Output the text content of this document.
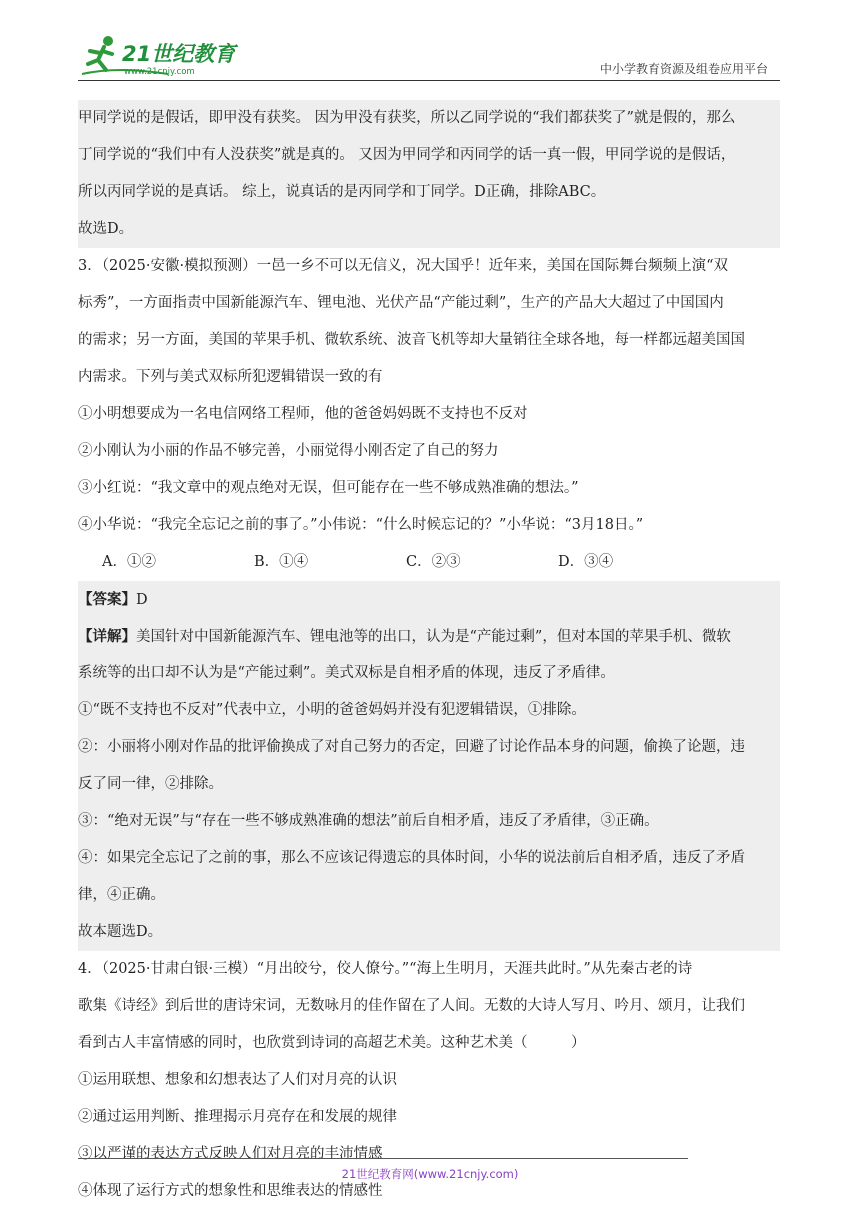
21世纪教育
www.21cnjy.com	中小学教育资源及组卷应用平台
甲同学说的是假话，即甲没有获奖。 因为甲没有获奖，所以乙同学说的“我们都获奖了”就是假的，那么
丁同学说的“我们中有人没获奖”就是真的。 又因为甲同学和丙同学的话一真一假，甲同学说的是假话，
所以丙同学说的是真话。 综上，说真话的是丙同学和丁同学。D正确，排除ABC。
故选D。
3．（2025·安徽·模拟预测）一邑一乡不可以无信义，况大国乎！近年来，美国在国际舞台频频上演“双
标秀”，一方面指责中国新能源汽车、锂电池、光伏产品“产能过剩”，生产的产品大大超过了中国国内
的需求；另一方面，美国的苹果手机、微软系统、波音飞机等却大量销往全球各地，每一样都远超美国国
内需求。下列与美式双标所犯逻辑错误一致的有
①小明想要成为一名电信网络工程师，他的爸爸妈妈既不支持也不反对
②小刚认为小丽的作品不够完善，小丽觉得小刚否定了自己的努力
③小红说：“我文章中的观点绝对无误，但可能存在一些不够成熟准确的想法。”
④小华说：“我完全忘记之前的事了。”小伟说：“什么时候忘记的？”小华说：“3月18日。”
A．①②	B．①④	C．②③	D．③④
【答案】D
【详解】美国针对中国新能源汽车、锂电池等的出口，认为是“产能过剩”，但对本国的苹果手机、微软
系统等的出口却不认为是“产能过剩”。美式双标是自相矛盾的体现，违反了矛盾律。
①“既不支持也不反对”代表中立，小明的爸爸妈妈并没有犯逻辑错误，①排除。
②：小丽将小刚对作品的批评偷换成了对自己努力的否定，回避了讨论作品本身的问题，偷换了论题，违
反了同一律，②排除。
③：“绝对无误”与“存在一些不够成熟准确的想法”前后自相矛盾，违反了矛盾律，③正确。
④：如果完全忘记了之前的事，那么不应该记得遗忘的具体时间，小华的说法前后自相矛盾，违反了矛盾
律，④正确。
故本题选D。
4．（2025·甘肃白银·三模）“月出皎兮，佼人僚兮。”“海上生明月，天涯共此时。”从先秦古老的诗
歌集《诗经》到后世的唐诗宋词，无数咏月的佳作留在了人间。无数的大诗人写月、吟月、颂月，让我们
看到古人丰富情感的同时，也欣赏到诗词的高超艺术美。这种艺术美（　　　）
①运用联想、想象和幻想表达了人们对月亮的认识
②通过运用判断、推理揭示月亮存在和发展的规律
③以严谨的表达方式反映人们对月亮的丰沛情感
④体现了运行方式的想象性和思维表达的情感性
21世纪教育网(www.21cnjy.com)
